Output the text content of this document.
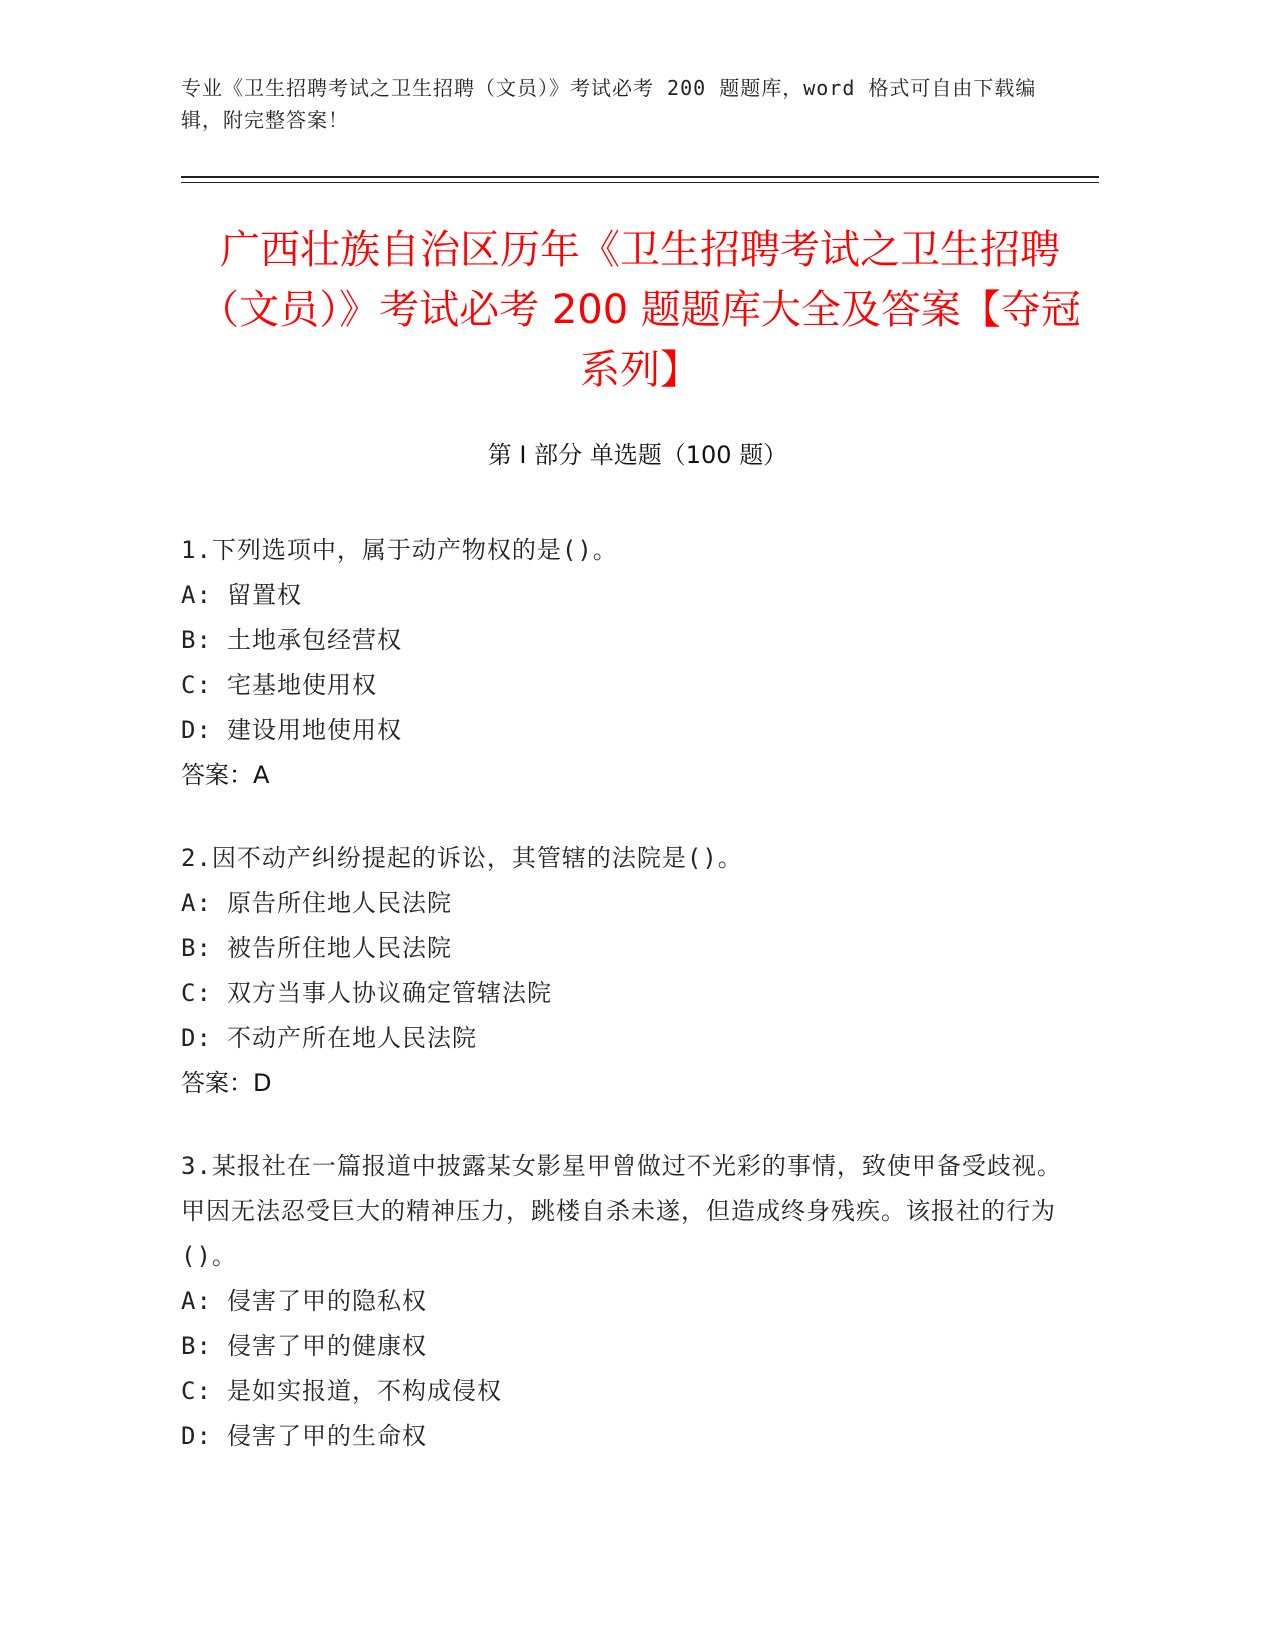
专业《卫生招聘考试之卫生招聘（文员）》考试必考 200 题题库，word 格式可自由下载编辑，附完整答案！
广西壮族自治区历年《卫生招聘考试之卫生招聘（文员）》考试必考 200 题题库大全及答案【夺冠系列】
第 I 部分 单选题（100 题）
1.下列选项中，属于动产物权的是()。
A: 留置权
B: 土地承包经营权
C: 宅基地使用权
D: 建设用地使用权
答案：A
2.因不动产纠纷提起的诉讼，其管辖的法院是()。
A: 原告所住地人民法院
B: 被告所住地人民法院
C: 双方当事人协议确定管辖法院
D: 不动产所在地人民法院
答案：D
3.某报社在一篇报道中披露某女影星甲曾做过不光彩的事情，致使甲备受歧视。甲因无法忍受巨大的精神压力，跳楼自杀未遂，但造成终身残疾。该报社的行为()。
A: 侵害了甲的隐私权
B: 侵害了甲的健康权
C: 是如实报道，不构成侵权
D: 侵害了甲的生命权
